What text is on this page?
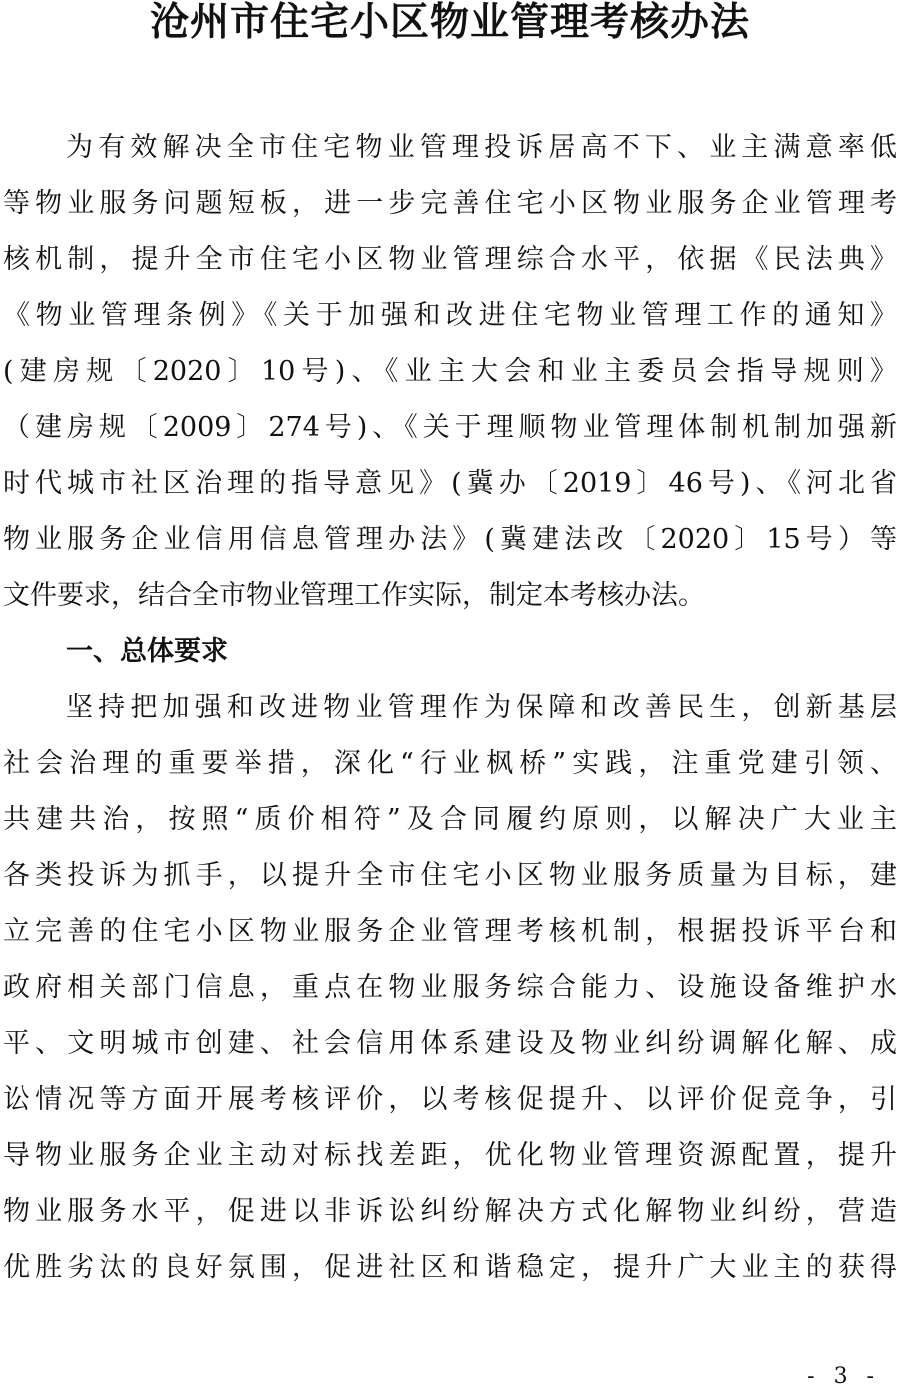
沧州市住宅小区物业管理考核办法
为有效解决全市住宅物业管理投诉居高不下、业主满意率低
等物业服务问题短板，进一步完善住宅小区物业服务企业管理考
核机制，提升全市住宅小区物业管理综合水平，依据《民法典》
《物业管理条例》《关于加强和改进住宅物业管理工作的通知》
(建房规〔2020〕10号)、《业主大会和业主委员会指导规则》
（建房规〔2009〕274号)、《关于理顺物业管理体制机制加强新
时代城市社区治理的指导意见》(冀办〔2019〕46号)、《河北省
物业服务企业信用信息管理办法》(冀建法改〔2020〕15号）等
文件要求，结合全市物业管理工作实际，制定本考核办法。
一、总体要求
坚持把加强和改进物业管理作为保障和改善民生，创新基层
社会治理的重要举措，深化“行业枫桥”实践，注重党建引领、
共建共治，按照“质价相符”及合同履约原则，以解决广大业主
各类投诉为抓手，以提升全市住宅小区物业服务质量为目标，建
立完善的住宅小区物业服务企业管理考核机制，根据投诉平台和
政府相关部门信息，重点在物业服务综合能力、设施设备维护水
平、文明城市创建、社会信用体系建设及物业纠纷调解化解、成
讼情况等方面开展考核评价，以考核促提升、以评价促竞争，引
导物业服务企业主动对标找差距，优化物业管理资源配置，提升
物业服务水平，促进以非诉讼纠纷解决方式化解物业纠纷，营造
优胜劣汰的良好氛围，促进社区和谐稳定，提升广大业主的获得
- 3 -
